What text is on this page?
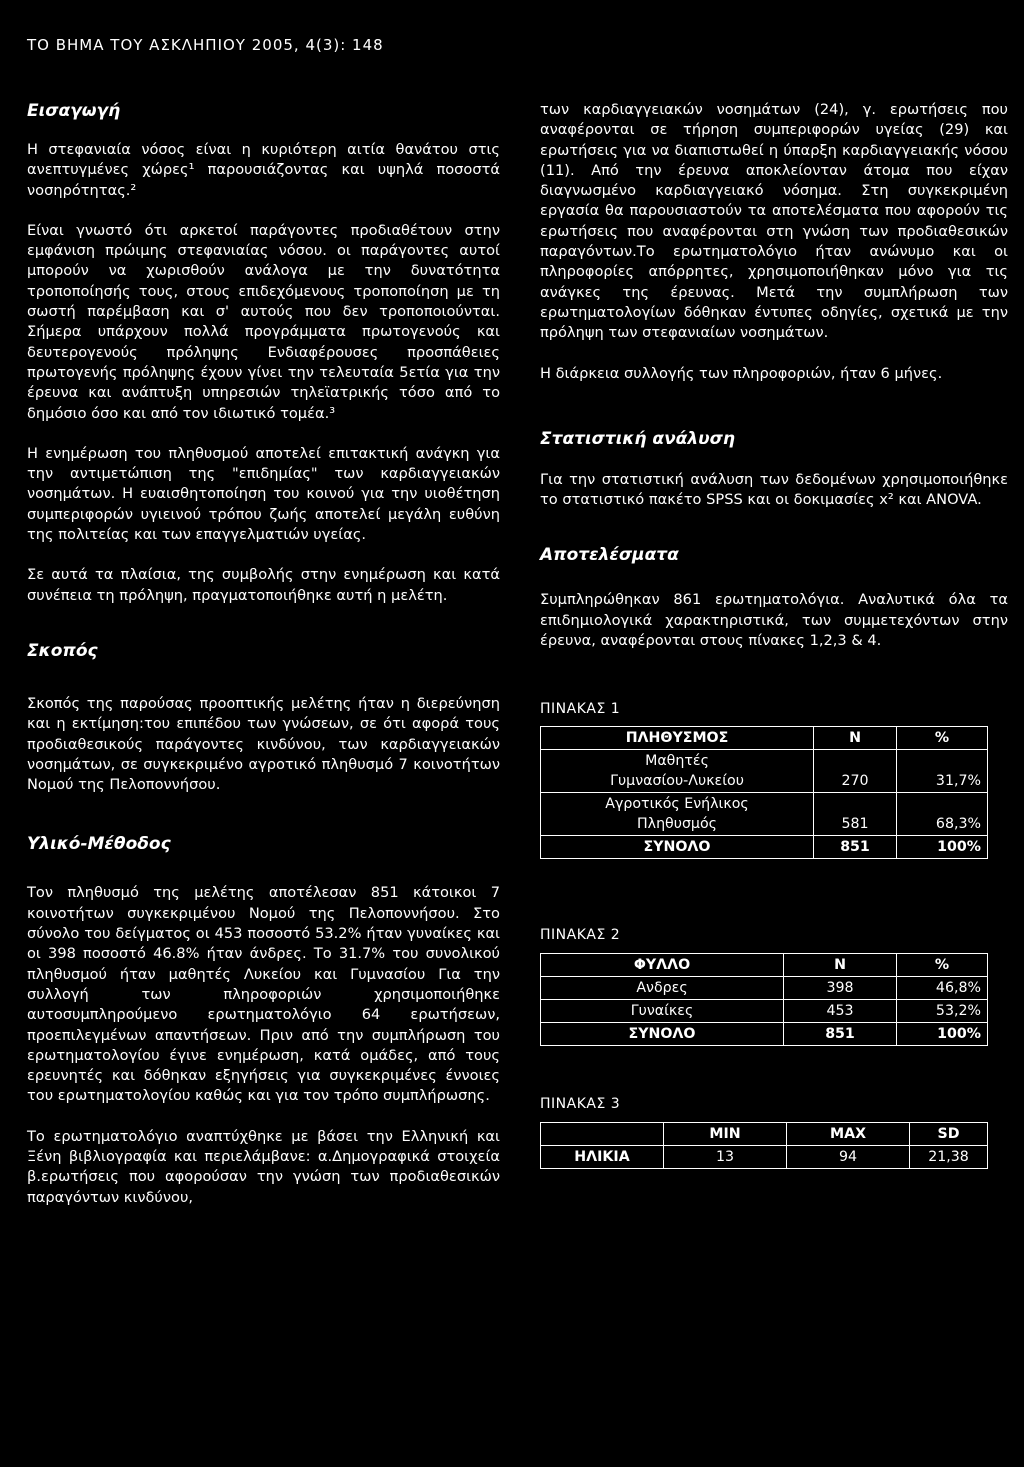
ΤΟ ΒΗΜΑ ΤΟΥ ΑΣΚΛΗΠΙΟΥ 2005, 4(3): 148
Εισαγωγή

Η στεφανιαία νόσος είναι η κυριότερη αιτία θανάτου στις ανεπτυγμένες χώρες¹ παρουσιάζοντας και υψηλά ποσοστά νοσηρότητας.²

Είναι γνωστό ότι αρκετοί παράγοντες προδιαθέτουν στην εμφάνιση πρώιμης στεφανιαίας νόσου. οι παράγοντες αυτοί μπορούν να χωρισθούν ανάλογα με την δυνατότητα τροποποίησής τους, στους επιδεχόμενους τροποποίηση με τη σωστή παρέμβαση και σ' αυτούς που δεν τροποποιούνται. Σήμερα υπάρχουν πολλά προγράμματα πρωτογενούς και δευτερογενούς πρόληψης Ενδιαφέρουσες προσπάθειες πρωτογενής πρόληψης έχουν γίνει την τελευταία 5ετία για την έρευνα και ανάπτυξη υπηρεσιών τηλεϊατρικής τόσο από το δημόσιο όσο και από τον ιδιωτικό τομέα.³

Η ενημέρωση του πληθυσμού αποτελεί επιτακτική ανάγκη για την αντιμετώπιση της "επιδημίας" των καρδιαγγειακών νοσημάτων. Η ευαισθητοποίηση του κοινού για την υιοθέτηση συμπεριφορών υγιεινού τρόπου ζωής αποτελεί μεγάλη ευθύνη της πολιτείας και των επαγγελματιών υγείας.

Σε αυτά τα πλαίσια, της συμβολής στην ενημέρωση και κατά συνέπεια τη πρόληψη, πραγματοποιήθηκε αυτή η μελέτη.

Σκοπός

Σκοπός της παρούσας προοπτικής μελέτης ήταν η διερεύνηση και η εκτίμηση:του επιπέδου των γνώσεων, σε ότι αφορά τους προδιαθεσικούς παράγοντες κινδύνου, των καρδιαγγειακών νοσημάτων, σε συγκεκριμένο αγροτικό πληθυσμό 7 κοινοτήτων Νομού της Πελοποννήσου.

Υλικό-Μέθοδος

Τον πληθυσμό της μελέτης αποτέλεσαν 851 κάτοικοι 7 κοινοτήτων συγκεκριμένου Νομού της Πελοποννήσου. Στο σύνολο του δείγματος οι 453 ποσοστό 53.2% ήταν γυναίκες και οι 398 ποσοστό 46.8% ήταν άνδρες. Το 31.7% του συνολικού πληθυσμού ήταν μαθητές Λυκείου και Γυμνασίου Για την συλλογή των πληροφοριών χρησιμοποιήθηκε αυτοσυμπληρούμενο ερωτηματολόγιο 64 ερωτήσεων, προεπιλεγμένων απαντήσεων. Πριν από την συμπλήρωση του ερωτηματολογίου έγινε ενημέρωση, κατά ομάδες, από τους ερευνητές και δόθηκαν εξηγήσεις για συγκεκριμένες έννοιες του ερωτηματολογίου καθώς και για τον τρόπο συμπλήρωσης.

Το ερωτηματολόγιο αναπτύχθηκε με βάσει την Ελληνική και Ξένη βιβλιογραφία και περιελάμβανε: α.Δημογραφικά στοιχεία β.ερωτήσεις που αφορούσαν την γνώση των προδιαθεσικών παραγόντων κινδύνου,

των καρδιαγγειακών νοσημάτων (24), γ. ερωτήσεις που αναφέρονται σε τήρηση συμπεριφορών υγείας (29) και ερωτήσεις για να διαπιστωθεί η ύπαρξη καρδιαγγειακής νόσου (11). Από την έρευνα αποκλείονταν άτομα που είχαν διαγνωσμένο καρδιαγγειακό νόσημα. Στη συγκεκριμένη εργασία θα παρουσιαστούν τα αποτελέσματα που αφορούν τις ερωτήσεις που αναφέρονται στη γνώση των προδιαθεσικών παραγόντων.Το ερωτηματολόγιο ήταν ανώνυμο και οι πληροφορίες απόρρητες, χρησιμοποιήθηκαν μόνο για τις ανάγκες της έρευνας. Μετά την συμπλήρωση των ερωτηματολογίων δόθηκαν έντυπες οδηγίες, σχετικά με την πρόληψη των στεφανιαίων νοσημάτων.

Η διάρκεια συλλογής των πληροφοριών, ήταν 6 μήνες.

Στατιστική ανάλυση

Για την στατιστική ανάλυση των δεδομένων χρησιμοποιήθηκε το στατιστικό πακέτο SPSS και οι δοκιμασίες x² και ANOVA.

Αποτελέσματα

Συμπληρώθηκαν 861 ερωτηματολόγια. Αναλυτικά όλα τα επιδημιολογικά χαρακτηριστικά, των συμμετεχόντων στην έρευνα, αναφέρονται στους πίνακες 1,2,3 & 4.

ΠΙΝΑΚΑΣ 1
ΠΛΗΘΥΣΜΟΣ	N	%

Μαθητές
Γυμνασίου-Λυκείου	270	31,7%

Αγροτικός Ενήλικος
Πληθυσμός	581	68,3%
ΣΥΝΟΛΟ	851	100%
ΠΙΝΑΚΑΣ 2
ΦΥΛΛΟ	N	%
Ανδρες	398	46,8%
Γυναίκες	453	53,2%
ΣΥΝΟΛΟ	851	100%
ΠΙΝΑΚΑΣ 3
	MIN	MAX	SD
ΗΛΙΚΙΑ	13	94	21,38
